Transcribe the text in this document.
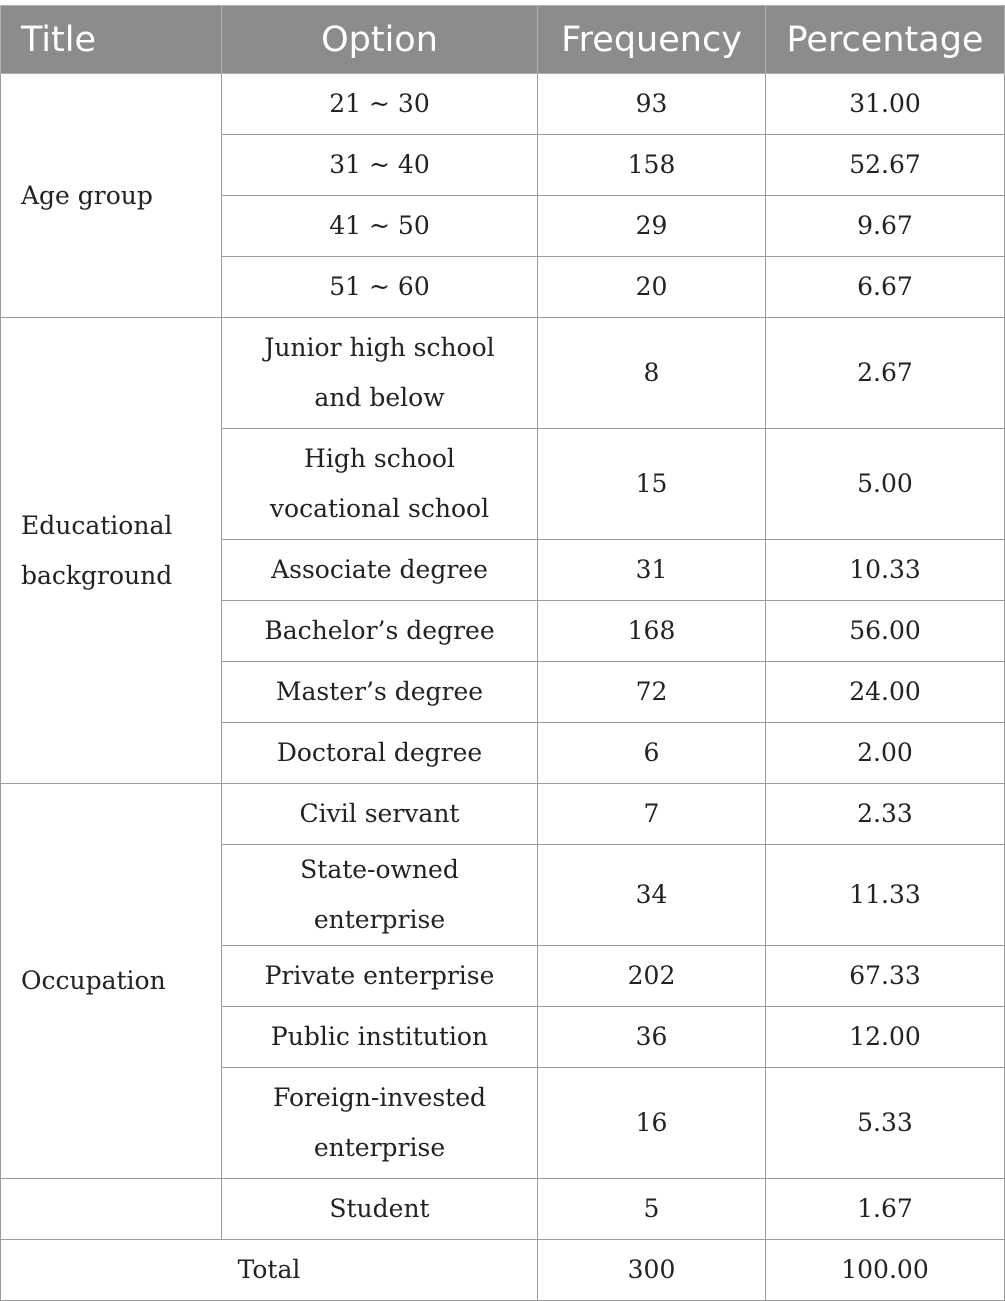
Title	Option	Frequency	Percentage
Age group	21 ~ 30	93	31.00
	31 ~ 40	158	52.67
	41 ~ 50	29	9.67
	51 ~ 60	20	6.67
Educational background	Junior high school and below	8	2.67
	High school vocational school	15	5.00
	Associate degree	31	10.33
	Bachelor’s degree	168	56.00
	Master’s degree	72	24.00
	Doctoral degree	6	2.00
Occupation	Civil servant	7	2.33
	State-owned enterprise	34	11.33
	Private enterprise	202	67.33
	Public institution	36	12.00
	Foreign-invested enterprise	16	5.33
	Student	5	1.67
Total		300	100.00
